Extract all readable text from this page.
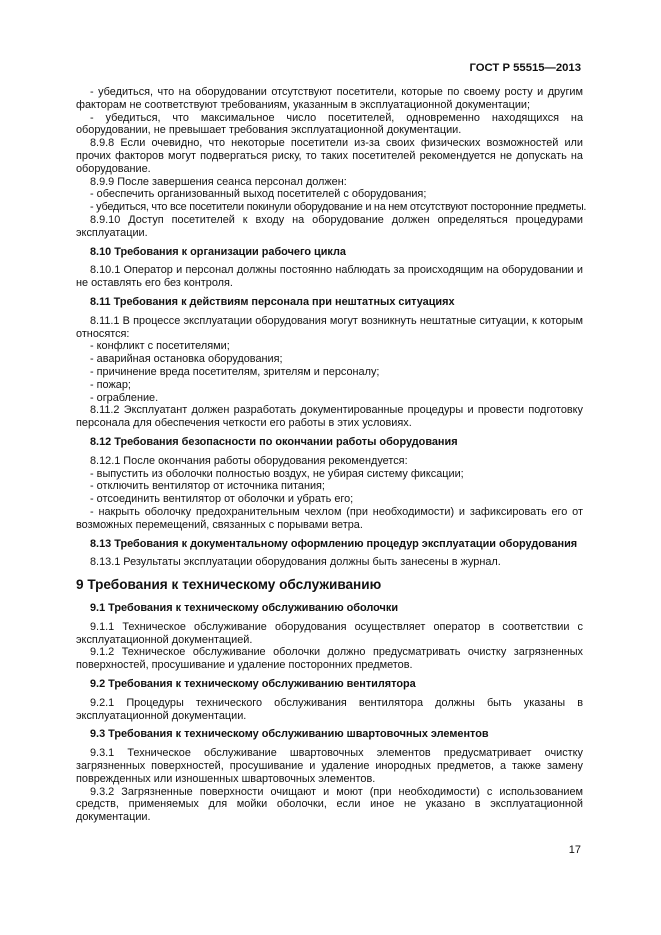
ГОСТ Р 55515—2013

- убедиться, что на оборудовании отсутствуют посетители, которые по своему росту и другим факторам не соответствуют требованиям, указанным в эксплуатационной документации;

- убедиться, что максимальное число посетителей, одновременно находящихся на оборудовании, не превышает требования эксплуатационной документации.

8.9.8 Если очевидно, что некоторые посетители из-за своих физических возможностей или прочих факторов могут подвергаться риску, то таких посетителей рекомендуется не допускать на оборудование.

8.9.9 После завершения сеанса персонал должен:

- обеспечить организованный выход посетителей с оборудования;

- убедиться, что все посетители покинули оборудование и на нем отсутствуют посторонние предметы.

8.9.10 Доступ посетителей к входу на оборудование должен определяться процедурами эксплуатации.

8.10 Требования к организации рабочего цикла

8.10.1 Оператор и персонал должны постоянно наблюдать за происходящим на оборудовании и не оставлять его без контроля.

8.11 Требования к действиям персонала при нештатных ситуациях

8.11.1 В процессе эксплуатации оборудования могут возникнуть нештатные ситуации, к которым относятся:

- конфликт с посетителями;

- аварийная остановка оборудования;

- причинение вреда посетителям, зрителям и персоналу;

- пожар;

- ограбление.

8.11.2 Эксплуатант должен разработать документированные процедуры и провести подготовку персонала для обеспечения четкости его работы в этих условиях.

8.12 Требования безопасности по окончании работы оборудования

8.12.1 После окончания работы оборудования рекомендуется:

- выпустить из оболочки полностью воздух, не убирая систему фиксации;

- отключить вентилятор от источника питания;

- отсоединить вентилятор от оболочки и убрать его;

- накрыть оболочку предохранительным чехлом (при необходимости) и зафиксировать его от возможных перемещений, связанных с порывами ветра.

8.13 Требования к документальному оформлению процедур эксплуатации оборудования

8.13.1 Результаты эксплуатации оборудования должны быть занесены в журнал.

9 Требования к техническому обслуживанию

9.1 Требования к техническому обслуживанию оболочки

9.1.1 Техническое обслуживание оборудования осуществляет оператор в соответствии с эксплуатационной документацией.

9.1.2 Техническое обслуживание оболочки должно предусматривать очистку загрязненных поверхностей, просушивание и удаление посторонних предметов.

9.2 Требования к техническому обслуживанию вентилятора

9.2.1 Процедуры технического обслуживания вентилятора должны быть указаны в эксплуатационной документации.

9.3 Требования к техническому обслуживанию швартовочных элементов

9.3.1 Техническое обслуживание швартовочных элементов предусматривает очистку загрязненных поверхностей, просушивание и удаление инородных предметов, а также замену поврежденных или изношенных швартовочных элементов.

9.3.2 Загрязненные поверхности очищают и моют (при необходимости) с использованием средств, применяемых для мойки оболочки, если иное не указано в эксплуатационной документации.

17
